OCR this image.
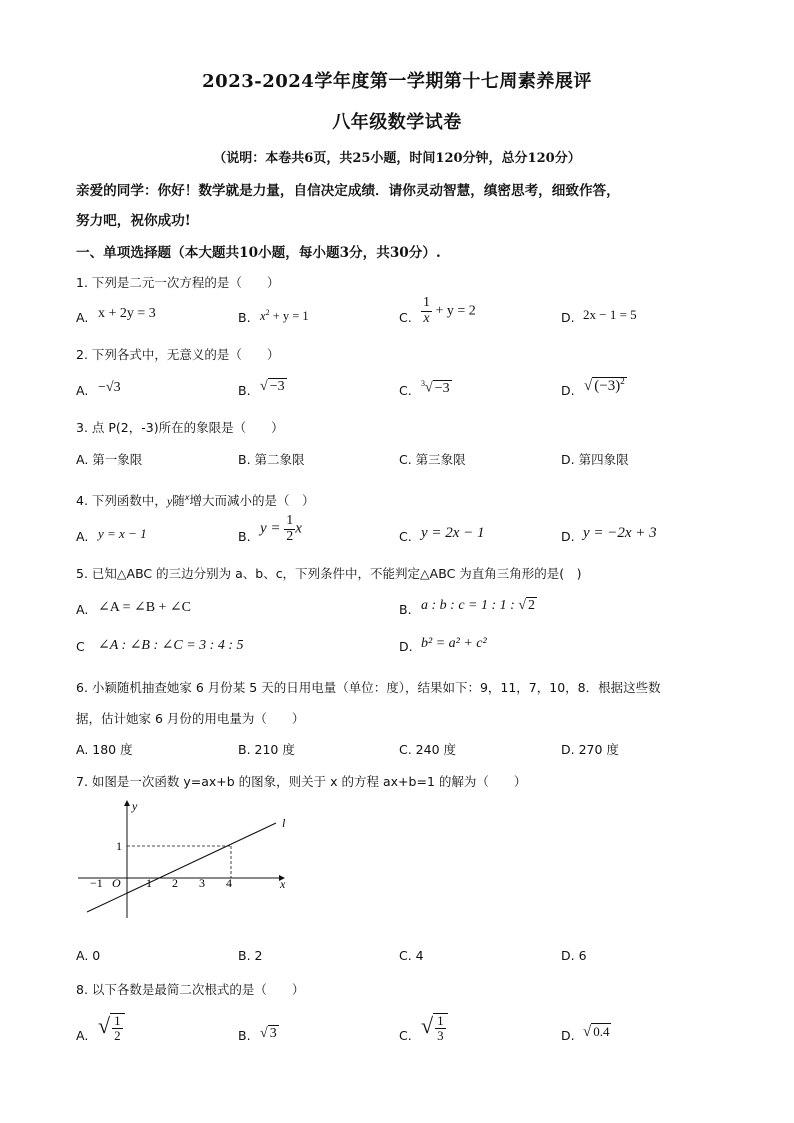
2023-2024学年度第一学期第十七周素养展评
八年级数学试卷
（说明：本卷共6页，共25小题，时间120分钟，总分120分）
亲爱的同学：你好！数学就是力量，自信决定成绩．请你灵动智慧，缜密思考，细致作答，
努力吧，祝你成功!
一、单项选择题（本大题共10小题，每小题3分，共30分）.
1. 下列是二元一次方程的是（　　）
A. x + 2y = 3	B. $x^2 + y = 1$	C. $\frac{1}{x} + y = 2$	D. 2x − 1 = 5
2. 下列各式中，无意义的是（　　）
A. −√3	B. √ −3	C. $^3$√ −3	D. √ $(-3)^2$
3. 点 P(2，-3)所在的象限是（　　）
A. 第一象限	B. 第二象限	C. 第三象限	D. 第四象限
4. 下列函数中，y随$^x$增大而减小的是（　）
A. y = x − 1	B. $y = \frac{1}{2}$ x	C. y = 2x − 1	D. y = −2x + 3
5. 已知△ABC 的三边分别为 a、b、c，下列条件中，不能判定△ABC 为直角三角形的是(　)
A. ∠A = ∠B + ∠C	B. a : b : c = 1 : 1 : √ 2
C ∠A : ∠B : ∠C = 3 : 4 : 5	D. b² = a² + c²
6. 小颖随机抽查她家 6 月份某 5 天的日用电量（单位：度），结果如下：9，11，7，10，8．根据这些数
据，估计她家 6 月份的用电量为（　　）
A. 180 度	B. 210 度	C. 240 度	D. 270 度
7. 如图是一次函数 y=ax+b 的图象，则关于 x 的方程 ax+b=1 的解为（　　）
x
y
l
O
−1	1 2 3 4
1
A. 0	B. 2	C. 4	D. 6
8. 以下各数是最简二次根式的是（　　）
A. √ $\frac{1}{2}$	B. √ 3	C. √ $\frac{1}{3}$	D. √ 0.4
